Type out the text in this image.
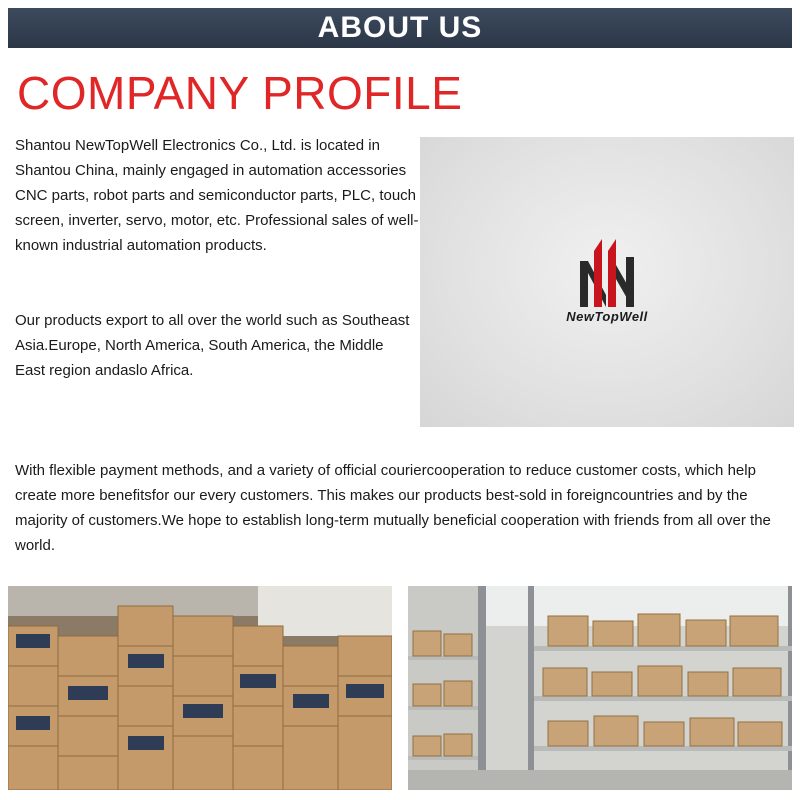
ABOUT US
COMPANY PROFILE

Shantou NewTopWell Electronics Co., Ltd. is located in Shantou China, mainly engaged in automation accessories CNC parts, robot parts and semiconductor parts, PLC, touch screen, inverter, servo, motor, etc. Professional sales of well-known industrial automation products.

Our products export to all over the world such as Southeast Asia.Europe, North America, South America, the Middle East region andaslo Africa.

With flexible payment methods, and a variety of official couriercooperation to reduce customer costs, which help create more benefitsfor our every customers. This makes our products best-sold in foreigncountries and by the majority of customers.We hope to establish long-term mutually beneficial cooperation with friends from all over the world.

NewTopWell
